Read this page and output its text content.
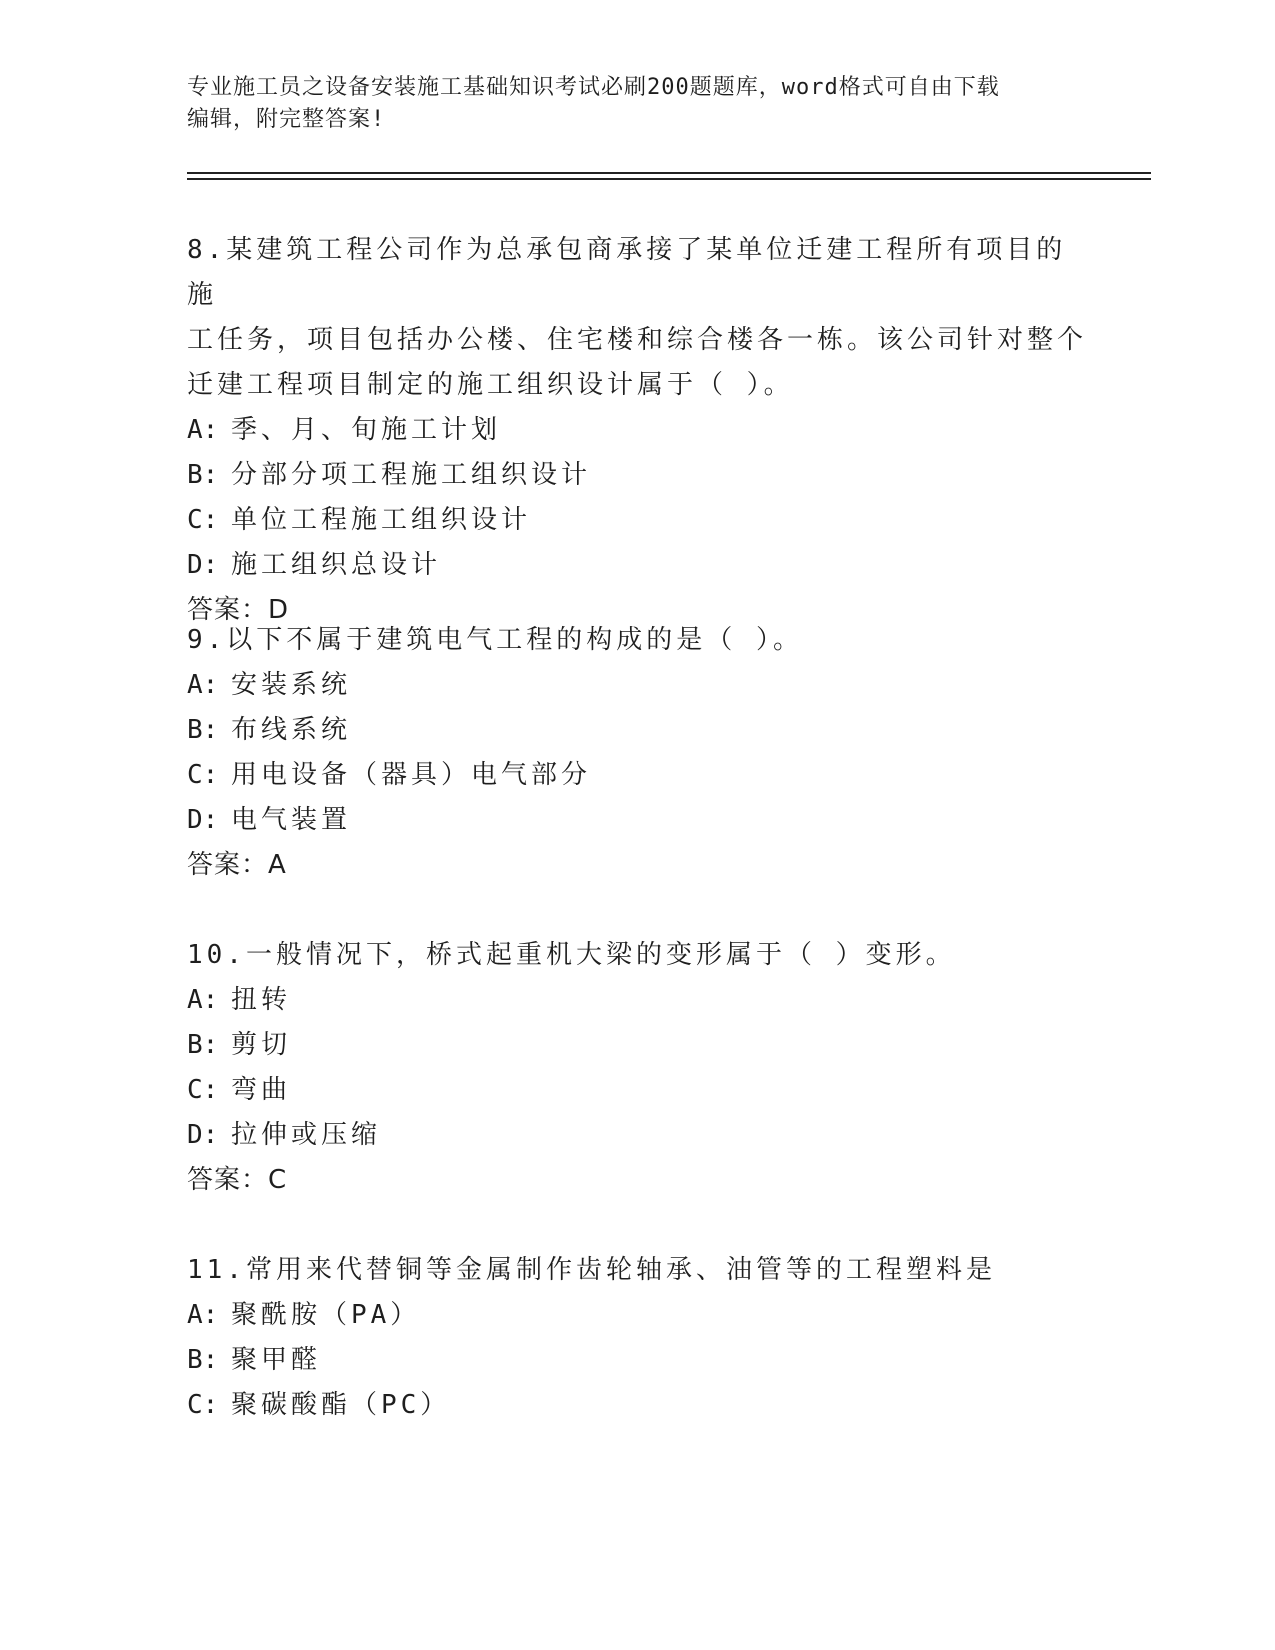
专业施工员之设备安装施工基础知识考试必刷200题题库，word格式可自由下载
编辑，附完整答案!

8.某建筑工程公司作为总承包商承接了某单位迁建工程所有项目的施

工任务，项目包括办公楼、住宅楼和综合楼各一栋。该公司针对整个

迁建工程项目制定的施工组织设计属于（ ）。

A: 季、月、旬施工计划
B: 分部分项工程施工组织设计
C: 单位工程施工组织设计
D: 施工组织总设计

答案：D

9.以下不属于建筑电气工程的构成的是（ ）。

A: 安装系统
B: 布线系统
C: 用电设备（器具）电气部分
D: 电气装置

答案：A

10.一般情况下，桥式起重机大梁的变形属于（ ）变形。

A: 扭转
B: 剪切
C: 弯曲
D: 拉伸或压缩

答案：C

11.常用来代替铜等金属制作齿轮轴承、油管等的工程塑料是

A: 聚酰胺（PA）
B: 聚甲醛
C: 聚碳酸酯（PC）
